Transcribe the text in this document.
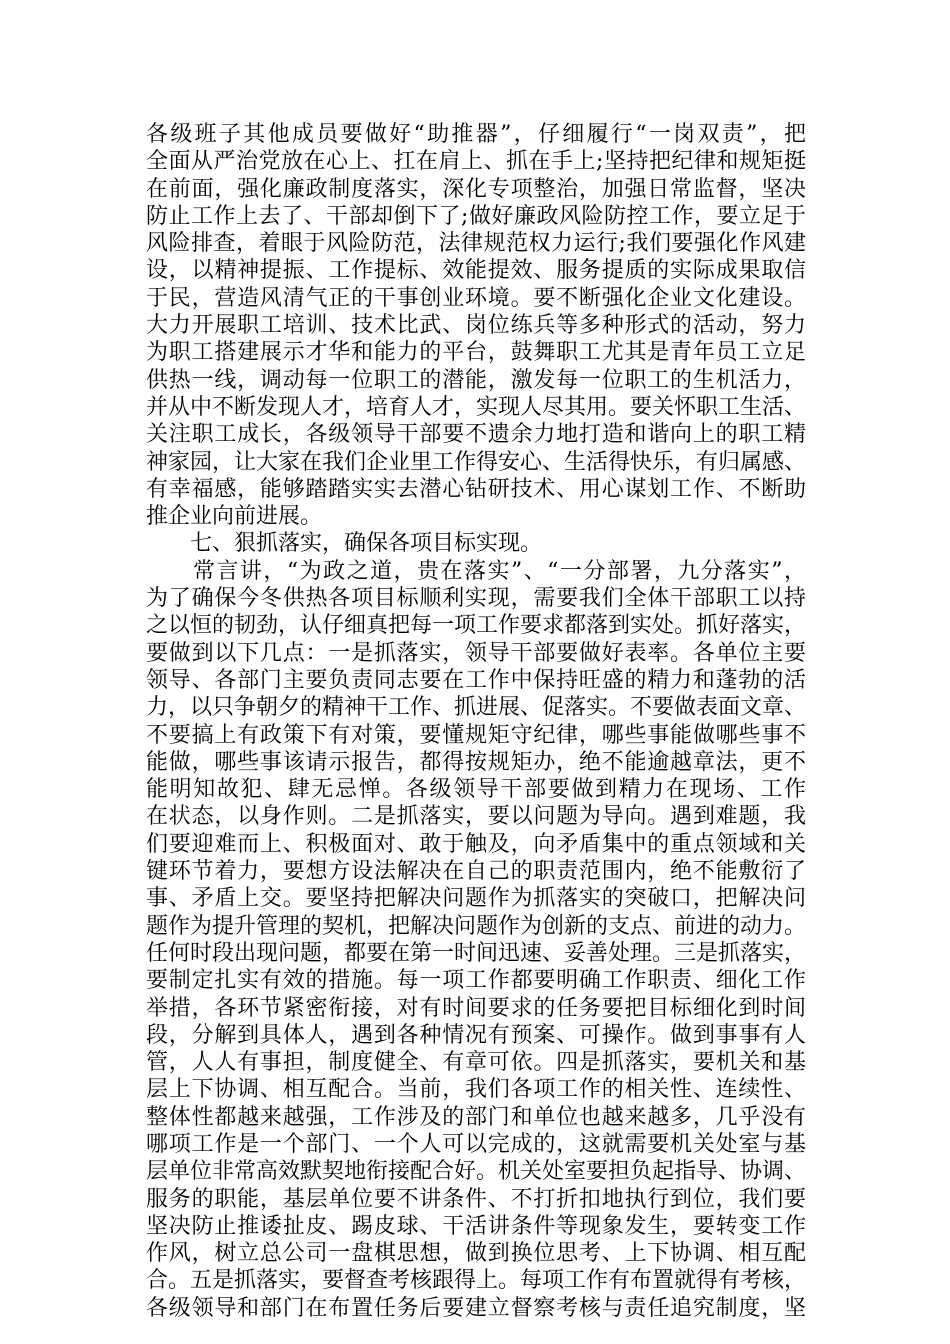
各级班子其他成员要做好“助推器”，仔细履行“一岗双责”，把
全面从严治党放在心上、扛在肩上、抓在手上;坚持把纪律和规矩挺
在前面，强化廉政制度落实，深化专项整治，加强日常监督，坚决
防止工作上去了、干部却倒下了;做好廉政风险防控工作，要立足于
风险排查，着眼于风险防范，法律规范权力运行;我们要强化作风建
设，以精神提振、工作提标、效能提效、服务提质的实际成果取信
于民，营造风清气正的干事创业环境。要不断强化企业文化建设。
大力开展职工培训、技术比武、岗位练兵等多种形式的活动，努力
为职工搭建展示才华和能力的平台，鼓舞职工尤其是青年员工立足
供热一线，调动每一位职工的潜能，激发每一位职工的生机活力，
并从中不断发现人才，培育人才，实现人尽其用。要关怀职工生活、
关注职工成长，各级领导干部要不遗余力地打造和谐向上的职工精
神家园，让大家在我们企业里工作得安心、生活得快乐，有归属感、
有幸福感，能够踏踏实实去潜心钻研技术、用心谋划工作、不断助
推企业向前进展。
　　七、狠抓落实，确保各项目标实现。
　　常言讲，“为政之道，贵在落实”、“一分部署，九分落实”，
为了确保今冬供热各项目标顺利实现，需要我们全体干部职工以持
之以恒的韧劲，认仔细真把每一项工作要求都落到实处。抓好落实，
要做到以下几点：一是抓落实，领导干部要做好表率。各单位主要
领导、各部门主要负责同志要在工作中保持旺盛的精力和蓬勃的活
力，以只争朝夕的精神干工作、抓进展、促落实。不要做表面文章、
不要搞上有政策下有对策，要懂规矩守纪律，哪些事能做哪些事不
能做，哪些事该请示报告，都得按规矩办，绝不能逾越章法，更不
能明知故犯、肆无忌惮。各级领导干部要做到精力在现场、工作
在状态，以身作则。二是抓落实，要以问题为导向。遇到难题，我
们要迎难而上、积极面对、敢于触及，向矛盾集中的重点领域和关
键环节着力，要想方设法解决在自己的职责范围内，绝不能敷衍了
事、矛盾上交。要坚持把解决问题作为抓落实的突破口，把解决问
题作为提升管理的契机，把解决问题作为创新的支点、前进的动力。
任何时段出现问题，都要在第一时间迅速、妥善处理。三是抓落实，
要制定扎实有效的措施。每一项工作都要明确工作职责、细化工作
举措，各环节紧密衔接，对有时间要求的任务要把目标细化到时间
段，分解到具体人，遇到各种情况有预案、可操作。做到事事有人
管，人人有事担，制度健全、有章可依。四是抓落实，要机关和基
层上下协调、相互配合。当前，我们各项工作的相关性、连续性、
整体性都越来越强，工作涉及的部门和单位也越来越多，几乎没有
哪项工作是一个部门、一个人可以完成的，这就需要机关处室与基
层单位非常高效默契地衔接配合好。机关处室要担负起指导、协调、
服务的职能，基层单位要不讲条件、不打折扣地执行到位，我们要
坚决防止推诿扯皮、踢皮球、干活讲条件等现象发生，要转变工作
作风，树立总公司一盘棋思想，做到换位思考、上下协调、相互配
合。五是抓落实，要督查考核跟得上。每项工作有布置就得有考核，
各级领导和部门在布置任务后要建立督察考核与责任追究制度，坚
